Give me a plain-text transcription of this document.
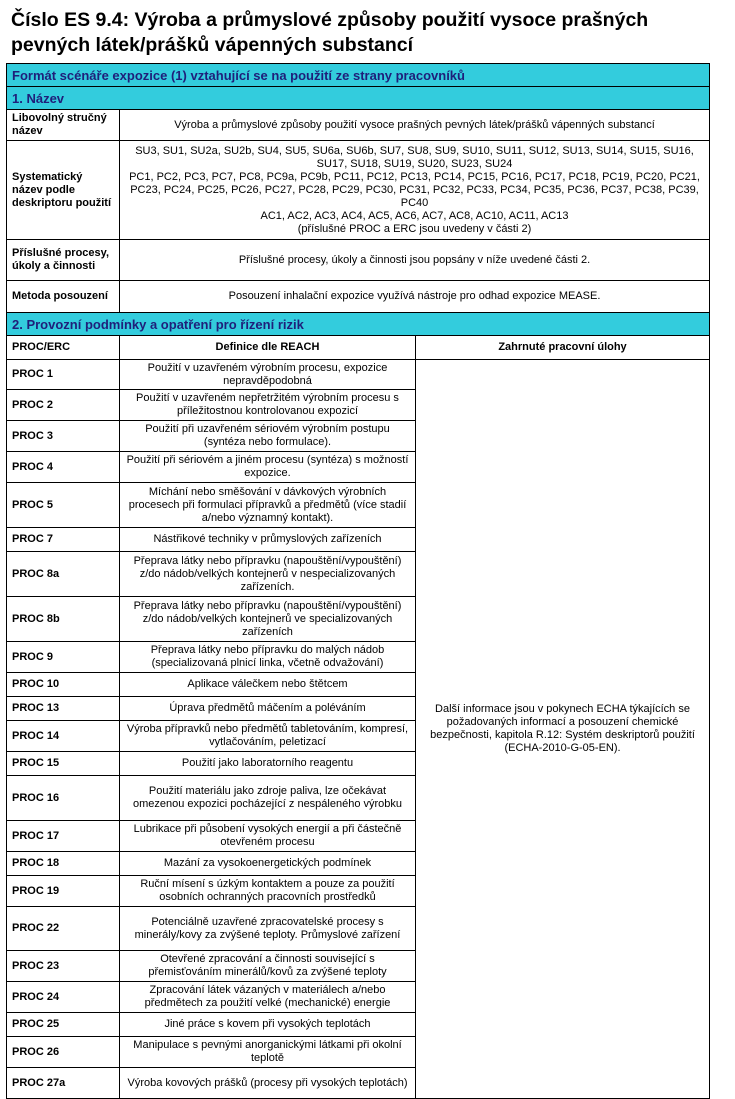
Číslo ES 9.4: Výroba a průmyslové způsoby použití vysoce prašných pevných látek/prášků vápenných substancí
Formát scénáře expozice (1) vztahující se na použití ze strany pracovníků		
1. Název		
Libovolný stručný název	Výroba a průmyslové způsoby použití vysoce prašných pevných látek/prášků vápenných substancí	
Systematický název podle deskriptoru použití	SU3, SU1, SU2a, SU2b, SU4, SU5, SU6a, SU6b, SU7, SU8, SU9, SU10, SU11, SU12, SU13, SU14, SU15, SU16, SU17, SU18, SU19, SU20, SU23, SU24
PC1, PC2, PC3, PC7, PC8, PC9a, PC9b, PC11, PC12, PC13, PC14, PC15, PC16, PC17, PC18, PC19, PC20, PC21, PC23, PC24, PC25, PC26, PC27, PC28, PC29, PC30, PC31, PC32, PC33, PC34, PC35, PC36, PC37, PC38, PC39, PC40
AC1, AC2, AC3, AC4, AC5, AC6, AC7, AC8, AC10, AC11, AC13
(příslušné PROC a ERC jsou uvedeny v části 2)	
Příslušné procesy, úkoly a činnosti	Příslušné procesy, úkoly a činnosti jsou popsány v níže uvedené části 2.	
Metoda posouzení	Posouzení inhalační expozice využívá nástroje pro odhad expozice MEASE.	
2. Provozní podmínky a opatření pro řízení rizik		
PROC/ERC	Definice dle REACH	Zahrnuté pracovní úlohy
PROC 1	Použití v uzavřeném výrobním procesu, expozice nepravděpodobná	Další informace jsou v pokynech ECHA týkajících se požadovaných informací a posouzení chemické bezpečnosti, kapitola R.12: Systém deskriptorů použití (ECHA-2010-G-05-EN).
PROC 2	Použití v uzavřeném nepřetržitém výrobním procesu s příležitostnou kontrolovanou expozicí	
PROC 3	Použití při uzavřeném sériovém výrobním postupu (syntéza nebo formulace).	
PROC 4	Použití při sériovém a jiném procesu (syntéza) s možností expozice.	
PROC 5	Míchání nebo směšování v dávkových výrobních procesech při formulaci přípravků a předmětů (více stadií a/nebo významný kontakt).	
PROC 7	Nástřikové techniky v průmyslových zařízeních	
PROC 8a	Přeprava látky nebo přípravku (napouštění/vypouštění) z/do nádob/velkých kontejnerů v nespecializovaných zařízeních.	
PROC 8b	Přeprava látky nebo přípravku (napouštění/vypouštění) z/do nádob/velkých kontejnerů ve specializovaných zařízeních	
PROC 9	Přeprava látky nebo přípravku do malých nádob (specializovaná plnicí linka, včetně odvažování)	
PROC 10	Aplikace válečkem nebo štětcem	
PROC 13	Úprava předmětů máčením a poléváním	
PROC 14	Výroba přípravků nebo předmětů tabletováním, kompresí, vytlačováním, peletizací	
PROC 15	Použití jako laboratorního reagentu	
PROC 16	Použití materiálu jako zdroje paliva, lze očekávat omezenou expozici pocházející z nespáleného výrobku	
PROC 17	Lubrikace při působení vysokých energií a při částečně otevřeném procesu	
PROC 18	Mazání za vysokoenergetických podmínek	
PROC 19	Ruční mísení s úzkým kontaktem a pouze za použití osobních ochranných pracovních prostředků	
PROC 22	Potenciálně uzavřené zpracovatelské procesy s minerály/kovy za zvýšené teploty. Průmyslové zařízení	
PROC 23	Otevřené zpracování a činnosti související s přemisťováním minerálů/kovů za zvýšené teploty	
PROC 24	Zpracování látek vázaných v materiálech a/nebo předmětech za použití velké (mechanické) energie	
PROC 25	Jiné práce s kovem při vysokých teplotách	
PROC 26	Manipulace s pevnými anorganickými látkami při okolní teplotě	
PROC 27a	Výroba kovových prášků (procesy při vysokých teplotách)	
